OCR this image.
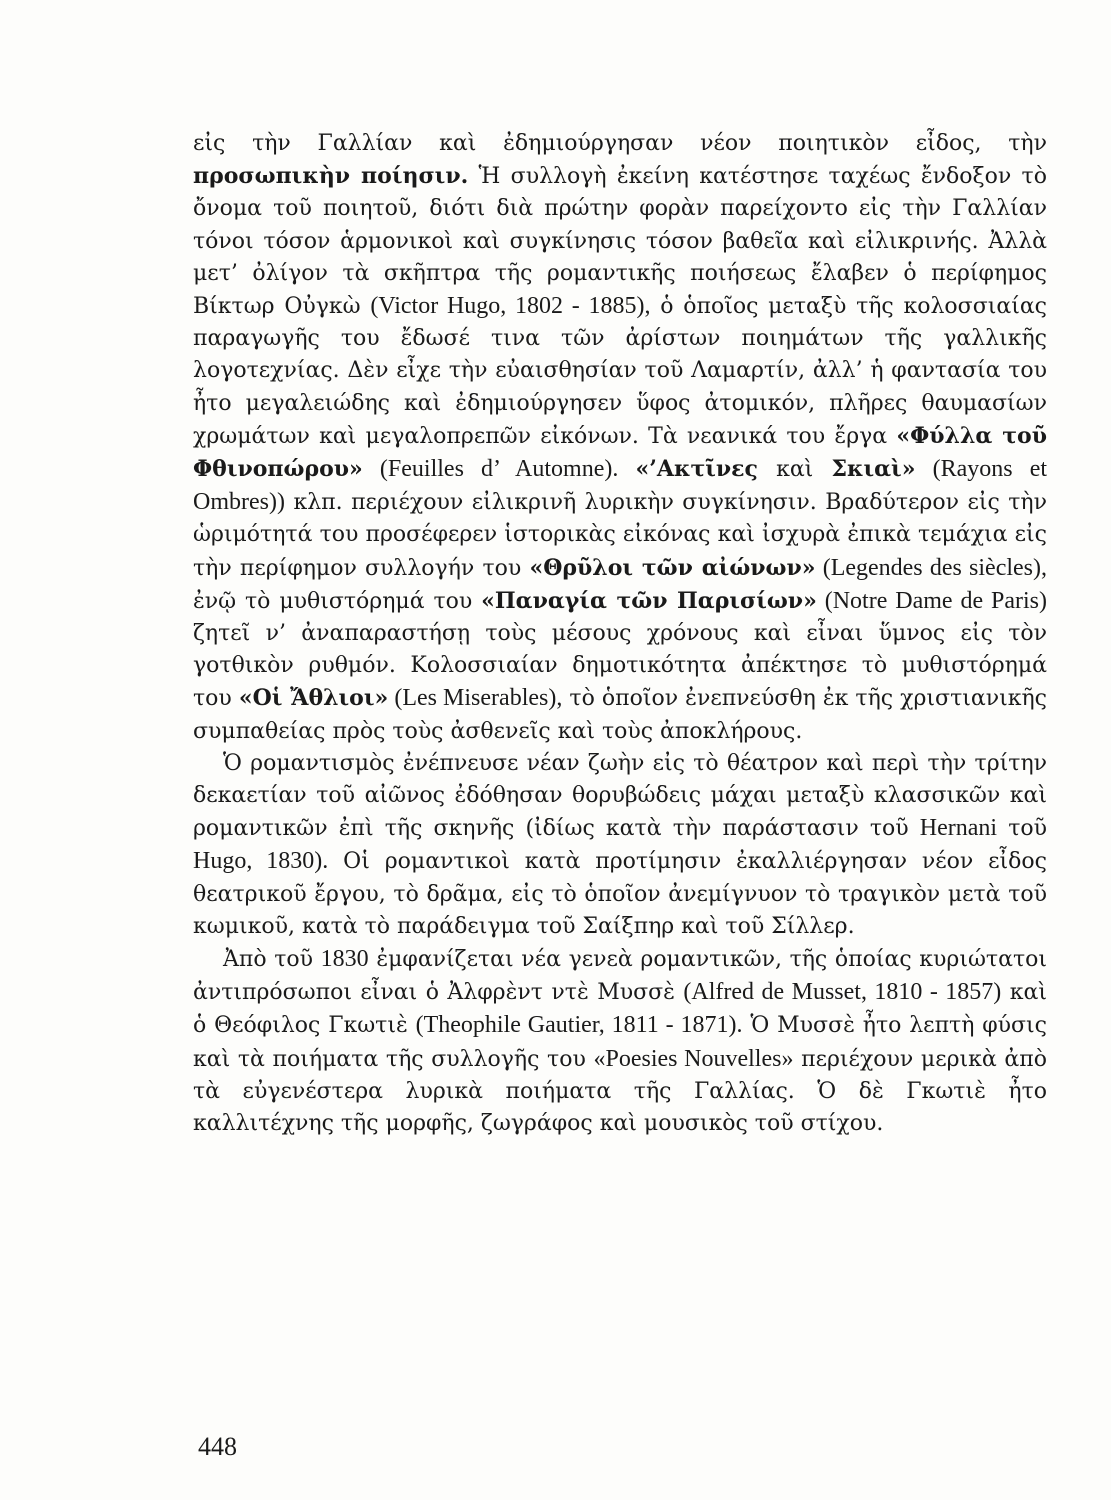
εἰς τὴν Γαλλίαν καὶ ἐδημιούργησαν νέον ποιητικὸν εἶδος, τὴν προσωπικὴν ποίησιν. Ἡ συλλογὴ ἐκείνη κατέστησε ταχέως ἔνδοξον τὸ ὄνομα τοῦ ποιητοῦ, διότι διὰ πρώτην φορὰν παρείχοντο εἰς τὴν Γαλλίαν τόνοι τόσον ἁρμονικοὶ καὶ συγκίνησις τόσον βαθεῖα καὶ εἰλικρινής. Ἀλλὰ μετ’ ὀλίγον τὰ σκῆπτρα τῆς ρομαντικῆς ποιήσεως ἔλαβεν ὁ περίφημος Βίκτωρ Οὐγκὼ (Victor Hugo, 1802 - 1885), ὁ ὁποῖος μεταξὺ τῆς κολοσσιαίας παραγωγῆς του ἔδωσέ τινα τῶν ἀρίστων ποιημάτων τῆς γαλλικῆς λογοτεχνίας. Δὲν εἶχε τὴν εὐαισθησίαν τοῦ Λαμαρτίν, ἀλλ’ ἡ φαντασία του ἦτο μεγαλειώδης καὶ ἐδημιούργησεν ὕφος ἀτομικόν, πλῆρες θαυμασίων χρωμάτων καὶ μεγαλοπρεπῶν εἰκόνων. Τὰ νεανικά του ἔργα «Φύλλα τοῦ Φθινοπώρου» (Feuilles d’ Automne). «’Ακτῖνες καὶ Σκιαὶ» (Rayons et Ombres)) κλπ. περιέχουν εἰλικρινῆ λυρικὴν συγκίνησιν. Βραδύτερον εἰς τὴν ὡριμότητά του προσέφερεν ἱστορικὰς εἰκόνας καὶ ἰσχυρὰ ἐπικὰ τεμάχια εἰς τὴν περίφημον συλλογήν του «Θρῦλοι τῶν αἰώνων» (Legendes des siècles), ἐνῷ τὸ μυθιστόρημά του «Παναγία τῶν Παρισίων» (Notre Dame de Paris) ζητεῖ ν’ ἀναπαραστήσῃ τοὺς μέσους χρόνους καὶ εἶναι ὕμνος εἰς τὸν γοτθικὸν ρυθμόν. Κολοσσιαίαν δημοτικότητα ἀπέκτησε τὸ μυθιστόρημά του «Οἱ Ἄθλιοι» (Les Miserables), τὸ ὁποῖον ἐνεπνεύσθη ἐκ τῆς χριστιανικῆς συμπαθείας πρὸς τοὺς ἀσθενεῖς καὶ τοὺς ἀποκλήρους.

Ὁ ρομαντισμὸς ἐνέπνευσε νέαν ζωὴν εἰς τὸ θέατρον καὶ περὶ τὴν τρίτην δεκαετίαν τοῦ αἰῶνος ἐδόθησαν θορυβώδεις μάχαι μεταξὺ κλασσικῶν καὶ ρομαντικῶν ἐπὶ τῆς σκηνῆς (ἰδίως κατὰ τὴν παράστασιν τοῦ Hernani τοῦ Hugo, 1830). Οἱ ρομαντικοὶ κατὰ προτίμησιν ἐκαλλιέργησαν νέον εἶδος θεατρικοῦ ἔργου, τὸ δρᾶμα, εἰς τὸ ὁποῖον ἀνεμίγνυον τὸ τραγικὸν μετὰ τοῦ κωμικοῦ, κατὰ τὸ παράδειγμα τοῦ Σαίξπηρ καὶ τοῦ Σίλλερ.

Ἀπὸ τοῦ 1830 ἐμφανίζεται νέα γενεὰ ρομαντικῶν, τῆς ὁποίας κυριώτατοι ἀντιπρόσωποι εἶναι ὁ Ἀλφρὲντ ντὲ Μυσσὲ (Alfred de Musset, 1810 - 1857) καὶ ὁ Θεόφιλος Γκωτιὲ (Theophile Gautier, 1811 - 1871). Ὁ Μυσσὲ ἦτο λεπτὴ φύσις καὶ τὰ ποιήματα τῆς συλλογῆς του «Poesies Nouvelles» περιέχουν μερικὰ ἀπὸ τὰ εὐγενέστερα λυρικὰ ποιήματα τῆς Γαλλίας. Ὁ δὲ Γκωτιὲ ἦτο καλλιτέχνης τῆς μορφῆς, ζωγράφος καὶ μουσικὸς τοῦ στίχου.

448
